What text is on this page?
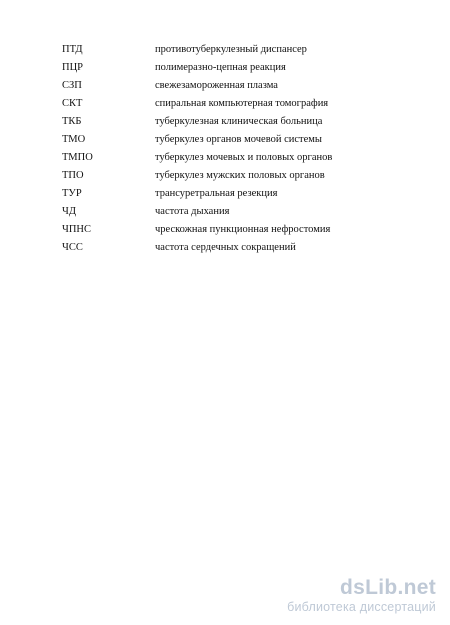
ПТД	противотуберкулезный диспансер
ПЦР	полимеразно-цепная реакция
СЗП	свежезамороженная плазма
СКТ	спиральная компьютерная томография
ТКБ	туберкулезная клиническая больница
ТМО	туберкулез органов мочевой системы
ТМПО	туберкулез мочевых и половых органов
ТПО	туберкулез мужских половых органов
ТУР	трансуретральная резекция
ЧД	частота дыхания
ЧПНС	чрескожная пункционная нефростомия
ЧСС	частота сердечных сокращений
dsLib.net
библиотека диссертаций
